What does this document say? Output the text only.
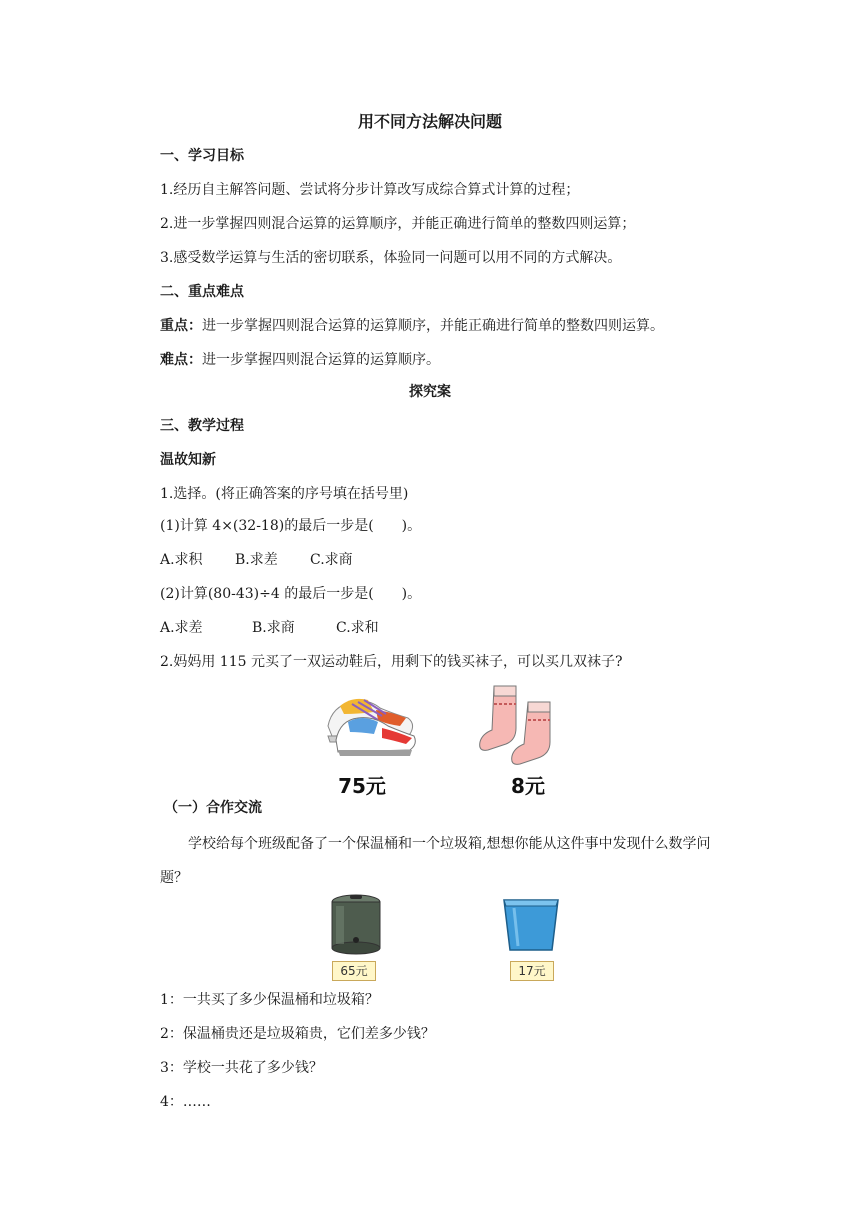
用不同方法解决问题
一、学习目标
1.经历自主解答问题、尝试将分步计算改写成综合算式计算的过程；
2.进一步掌握四则混合运算的运算顺序，并能正确进行简单的整数四则运算；
3.感受数学运算与生活的密切联系，体验同一问题可以用不同的方式解决。
二、重点难点
重点：进一步掌握四则混合运算的运算顺序，并能正确进行简单的整数四则运算。
难点：进一步掌握四则混合运算的运算顺序。
探究案
三、教学过程
温故知新
1.选择。(将正确答案的序号填在括号里)
(1)计算 4×(32-18)的最后一步是(　　)。
A.求积 B.求差 C.求商
(2)计算(80-43)÷4 的最后一步是(　　)。
A.求差	B.求商	C.求和
2.妈妈用 115 元买了一双运动鞋后，用剩下的钱买袜子，可以买几双袜子?
75元	8元
（一）合作交流
学校给每个班级配备了一个保温桶和一个垃圾箱,想想你能从这件事中发现什么数学问
题？
65元	17元
1：一共买了多少保温桶和垃圾箱？
2：保温桶贵还是垃圾箱贵，它们差多少钱？
3：学校一共花了多少钱？
4：……
